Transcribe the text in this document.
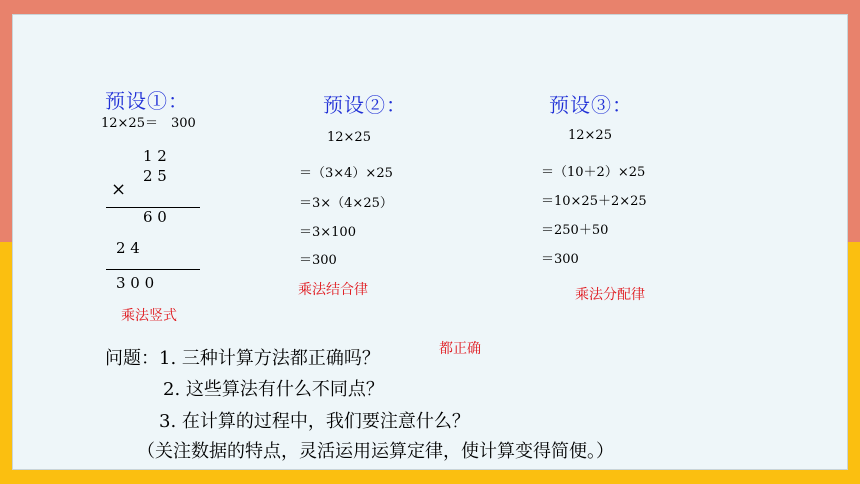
预设①：
12×25＝　300
1 2
2 5
×
6 0
2 4
3 0 0
乘法竖式
预设②：
12×25
＝（3×4）×25
＝3×（4×25）
＝3×100
＝300
乘法结合律
预设③：
12×25
＝（10＋2）×25
＝10×25＋2×25
＝250＋50
＝300
乘法分配律
问题：1. 三种计算方法都正确吗？	都正确
2. 这些算法有什么不同点？
3. 在计算的过程中，我们要注意什么？
（关注数据的特点，灵活运用运算定律，使计算变得简便。）
